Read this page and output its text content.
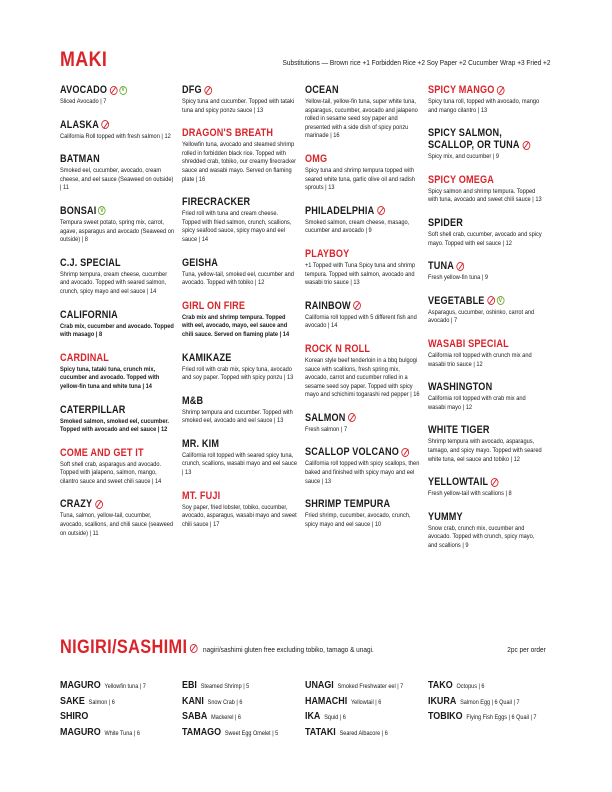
MAKI	Substitutions — Brown rice +1 Forbidden Rice +2 Soy Paper +2 Cucumber Wrap +3 Fried +2
AVOCADO	V
Sliced Avocado | 7
ALASKA
California Roll topped with fresh salmon | 12
BATMAN
Smoked eel, cucumber, avocado, cream cheese, and eel sauce (Seaweed on outside) | 11
BONSAI V
Tempura sweet potato, spring mix, carrot, agave, asparagus and avocado (Seaweed on outside) | 8
C.J. SPECIAL
Shrimp tempura, cream cheese, cucumber and avocado. Topped with seared salmon, crunch, spicy mayo and eel sauce | 14
CALIFORNIA
Crab mix, cucumber and avocado. Topped with masago | 8
CARDINAL
Spicy tuna, tataki tuna, crunch mix, cucumber and avocado. Topped with yellow-fin tuna and white tuna | 14
CATERPILLAR
Smoked salmon, smoked eel, cucumber. Topped with avocado and eel sauce | 12
COME AND GET IT
Soft shell crab, asparagus and avocado. Topped with jalapeno, salmon, mango, cilantro sauce and sweet chili sauce | 14
CRAZY
Tuna, salmon, yellow-tail, cucumber, avocado, scallions, and chili sauce (seaweed on outside) | 11
DFG
Spicy tuna and cucumber. Topped with tataki tuna and spicy ponzu sauce | 13
DRAGON'S BREATH
Yellowfin tuna, avocado and steamed shrimp rolled in forbidden black rice. Topped with shredded crab, tobiko, our creamy firecracker sauce and wasabi mayo. Served on flaming plate | 16
FIRECRACKER
Fried roll with tuna and cream cheese. Topped with fried salmon, crunch, scallions, spicy seafood sauce, spicy mayo and eel sauce | 14
GEISHA
Tuna, yellow-tail, smoked eel, cucumber and avocado. Topped with tobiko | 12
GIRL ON FIRE
Crab mix and shrimp tempura. Topped with eel, avocado, mayo, eel sauce and chili sauce. Served on flaming plate | 14
KAMIKAZE
Fried roll with crab mix, spicy tuna, avocado and soy paper. Topped with spicy ponzu | 13
M&B
Shrimp tempura and cucumber. Topped with smoked eel, avocado and eel sauce | 13
MR. KIM
California roll topped with seared spicy tuna, crunch, scallions, wasabi mayo and eel sauce | 13
MT. FUJI
Soy paper, fried lobster, tobiko, cucumber, avocado, asparagus, wasabi mayo and sweet chili sauce | 17
OCEAN
Yellow-tail, yellow-fin tuna, super white tuna, asparagus, cucumber, avocado and jalapeno rolled in sesame seed soy paper and presented with a side dish of spicy ponzu marinade | 16
OMG
Spicy tuna and shrimp tempura topped with seared white tuna, garlic olive oil and radish sprouts | 13
PHILADELPHIA
Smoked salmon, cream cheese, masago, cucumber and avocado | 9
PLAYBOY
+1 Topped with Tuna Spicy tuna and shrimp tempura. Topped with salmon, avocado and wasabi trio sauce | 13
RAINBOW
California roll topped with 5 different fish and avocado | 14
ROCK N ROLL
Korean style beef tenderloin in a bbq bulgogi sauce with scallions, fresh spring mix, avocado, carrot and cucumber rolled in a sesame seed soy paper. Topped with spicy mayo and schichimi togarashi red pepper | 16
SALMON
Fresh salmon | 7
SCALLOP VOLCANO
California roll topped with spicy scallops, then baked and finished with spicy mayo and eel sauce | 13
SHRIMP TEMPURA
Fried shrimp, cucumber, avocado, crunch, spicy mayo and eel sauce | 10
SPICY MANGO
Spicy tuna roll, topped with avocado, mango and mango cilantro | 13
SPICY SALMON, SCALLOP, OR TUNA
Spicy mix, and cucumber | 9
SPICY OMEGA
Spicy salmon and shrimp tempura. Topped with tuna, avocado and sweet chili sauce | 13
SPIDER
Soft shell crab, cucumber, avocado and spicy mayo. Topped with eel sauce | 12
TUNA
Fresh yellow-fin tuna | 9
VEGETABLE	V
Asparagus, cucumber, oshinko, carrot and avocado | 7
WASABI SPECIAL
California roll topped with crunch mix and wasabi trio sauce | 12
WASHINGTON
California roll topped with crab mix and wasabi mayo | 12
WHITE TIGER
Shrimp tempura with avocado, asparagus, tamago, and spicy mayo. Topped with seared white tuna, eel sauce and tobiko | 12
YELLOWTAIL
Fresh yellow-tail with scallions | 8
YUMMY
Snow crab, crunch mix, cucumber and avocado. Topped with crunch, spicy mayo, and scallions | 9
NIGIRI/SASHIMI nagiri/sashimi gluten free excluding tobiko, tamago & unagi.	2pc per order
MAGURO Yellowfin tuna | 7
SAKE Salmon | 6
SHIRO
MAGURO White Tuna | 6
EBI Steamed Shrimp | 5
KANI Snow Crab | 6
SABA Mackerel | 6
TAMAGO Sweet Egg Omelet | 5
UNAGI Smoked Freshwater eel | 7
HAMACHI Yellowtail | 6
IKA Squid | 6
TATAKI Seared Albacore | 6
TAKO Octopus | 6
IKURA Salmon Egg | 6 Quail | 7
TOBIKO Flying Fish Eggs | 6 Quail | 7
